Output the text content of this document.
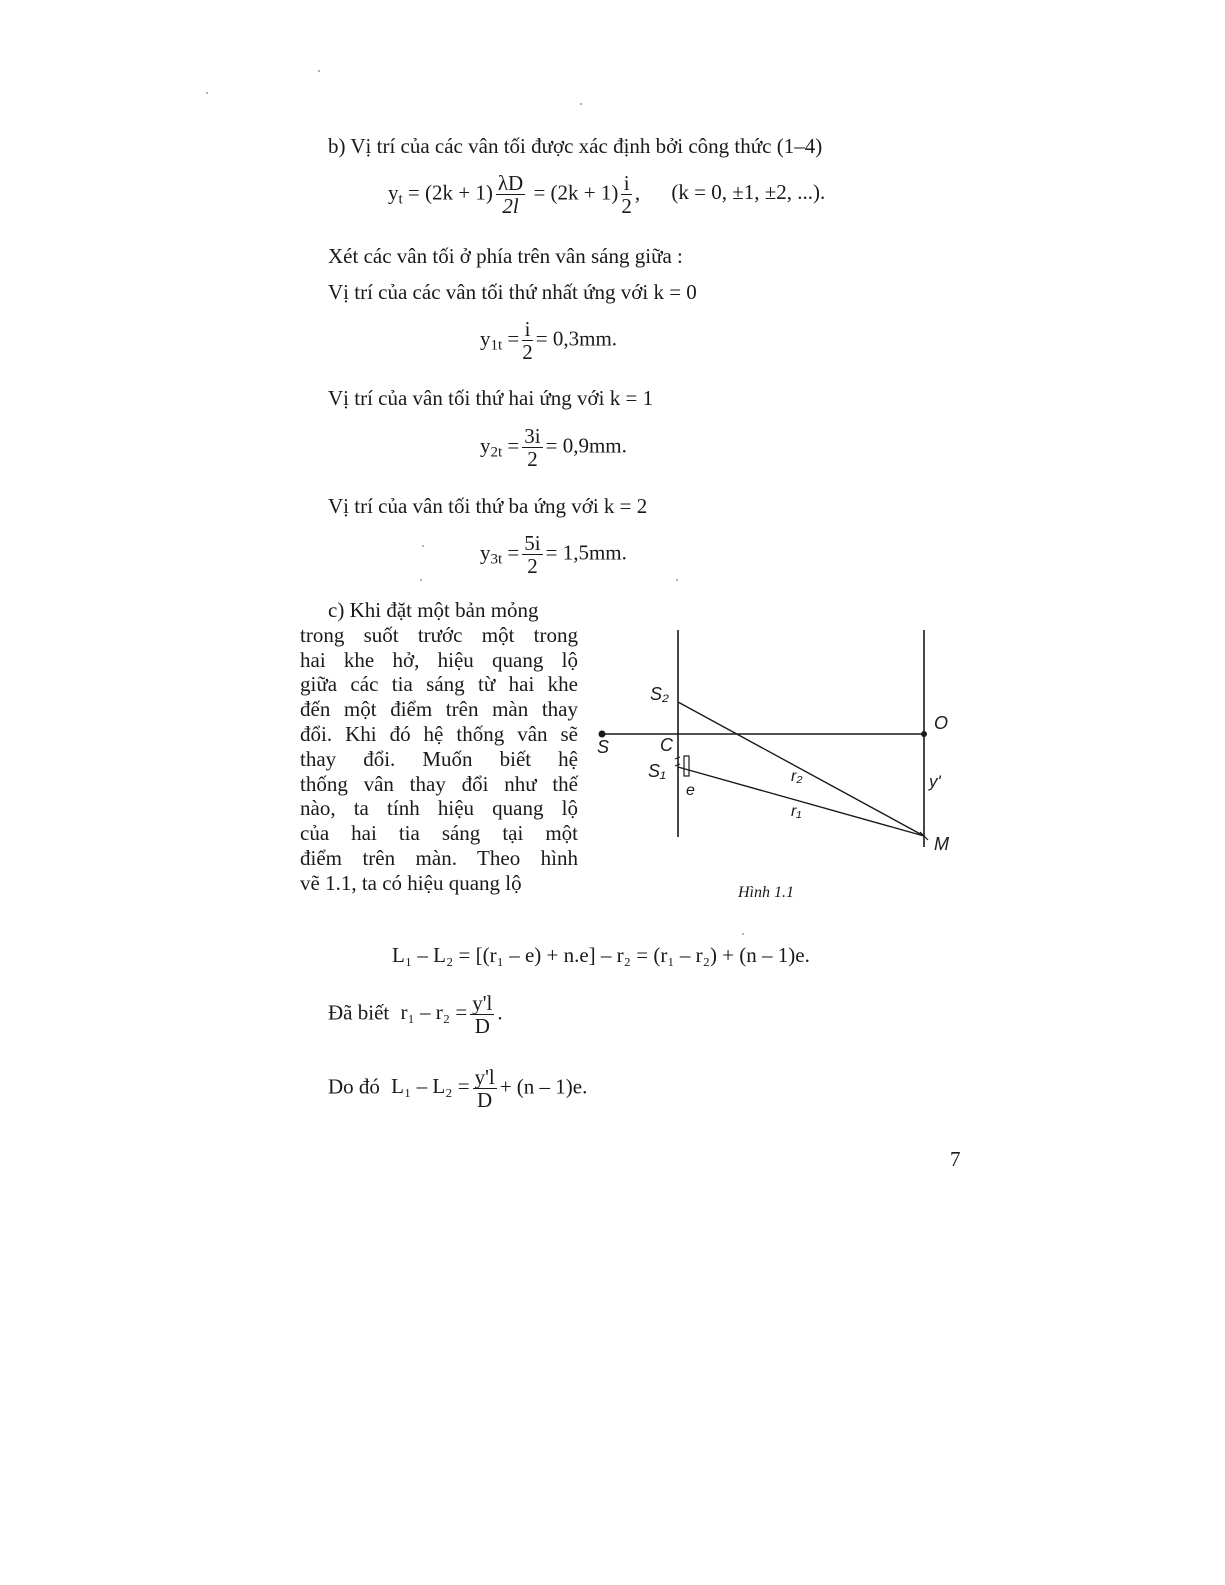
b) Vị trí của các vân tối được xác định bởi công thức (1–4)
$y_t = (2k + 1) \frac{\lambda D}{2l} = (2k + 1) \frac{i}{2}$ , (k = 0, ±1, ±2, ...).
Xét các vân tối ở phía trên vân sáng giữa :
Vị trí của các vân tối thứ nhất ứng với k = 0
$y_{1t} = \frac{i}{2} = 0,3mm$.
Vị trí của vân tối thứ hai ứng với k = 1
$y_{2t} = \frac{3i}{2} = 0,9mm$.
Vị trí của vân tối thứ ba ứng với k = 2
$y_{3t} = \frac{5i}{2} = 1,5mm$.
c) Khi đặt một bản mỏng
trong suốt trước một trong
hai khe hở, hiệu quang lộ
giữa các tia sáng từ hai khe
đến một điểm trên màn thay
đổi. Khi đó hệ thống vân sẽ
thay đổi. Muốn biết hệ
thống vân thay đổi như thế
nào, ta tính hiệu quang lộ
của hai tia sáng tại một
điểm trên màn. Theo hình
vẽ 1.1, ta có hiệu quang lộ
S
S₂
C
S₁
e
r₂
r₁
O
y'
M
Hình 1.1
L₁ – L₂ = [(r₁ – e) + n.e] – r₂ = (r₁ – r₂) + (n – 1)e.
Đã biết $r_1 - r_2 = \frac{y'l}{D}$ .
Do đó $L_1 - L_2 = \frac{y'l}{D} + (n - 1)e$.
7
